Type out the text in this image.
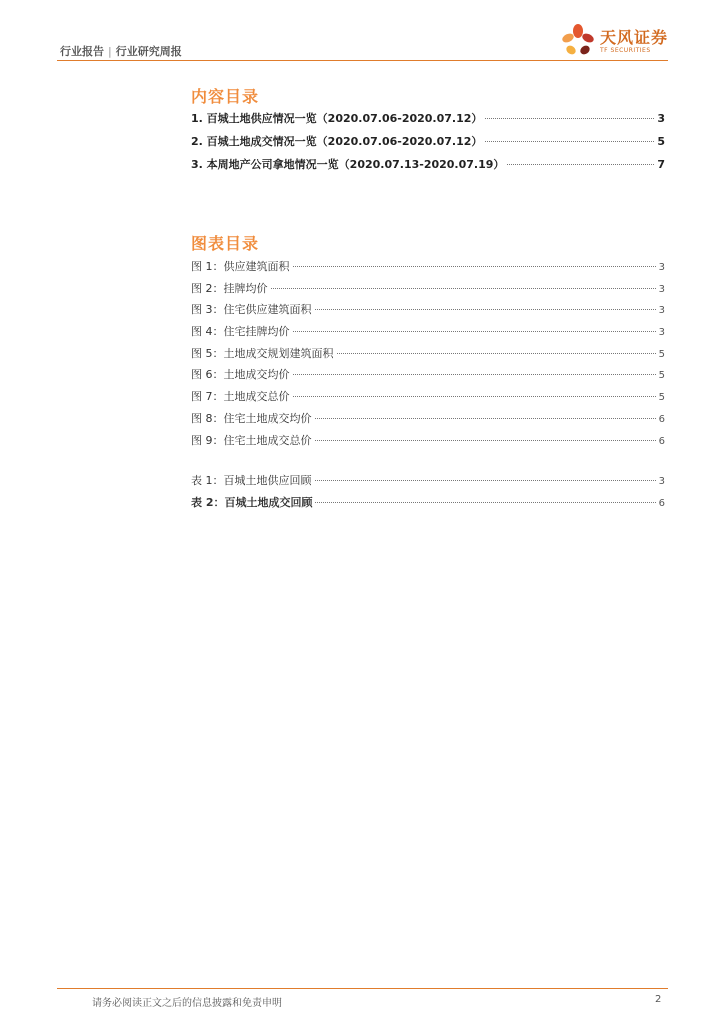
行业报告 | 行业研究周报
天风证券
TF SECURITIES
内容目录
1. 百城土地供应情况一览（2020.07.06-2020.07.12）	3
2. 百城土地成交情况一览（2020.07.06-2020.07.12）	5
3. 本周地产公司拿地情况一览（2020.07.13-2020.07.19）	7
图表目录
图 1：供应建筑面积	3
图 2：挂牌均价	3
图 3：住宅供应建筑面积	3
图 4：住宅挂牌均价	3
图 5：土地成交规划建筑面积	5
图 6：土地成交均价	5
图 7：土地成交总价	5
图 8：住宅土地成交均价	6
图 9：住宅土地成交总价	6
表 1：百城土地供应回顾	3
表 2：百城土地成交回顾	6
请务必阅读正文之后的信息披露和免责申明	2
